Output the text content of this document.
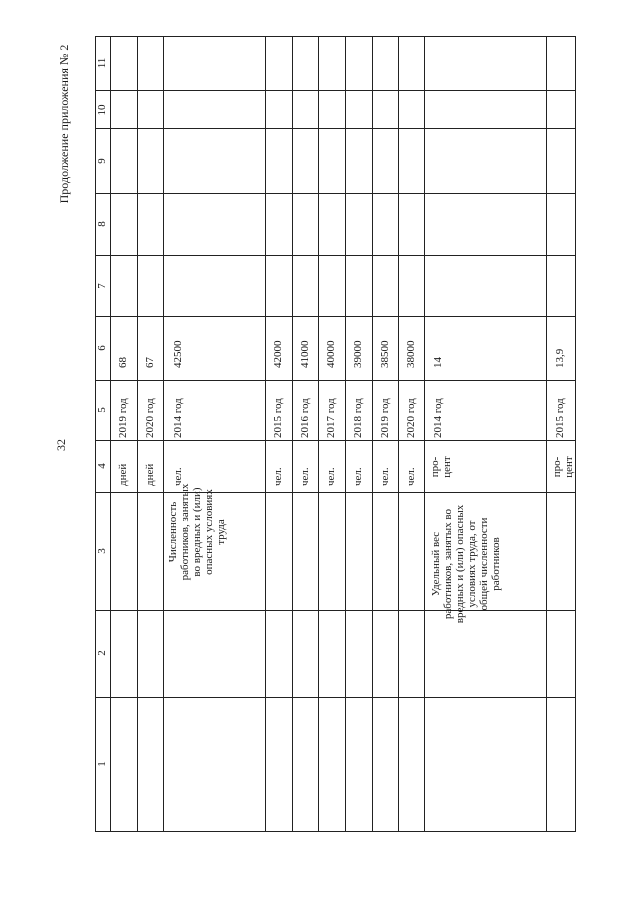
32
Продолжение приложения № 2
1
2
3
4
5
6
7
8
9
10
11
дней
2019 год
68
дней
2020 год
67
Численность работников, занятых во вредных и (или) опасных условиях труда
чел.
2014 год
42500
чел.
2015 год
42000
чел.
2016 год
41000
чел.
2017 год
40000
чел.
2018 год
39000
чел.
2019 год
38500
чел.
2020 год
38000
Удельный вес работников, занятых во вредных и (или) опасных условиях труда, от общей численности работников
про- цент
2014 год
14
про- цент
2015 год
13,9
